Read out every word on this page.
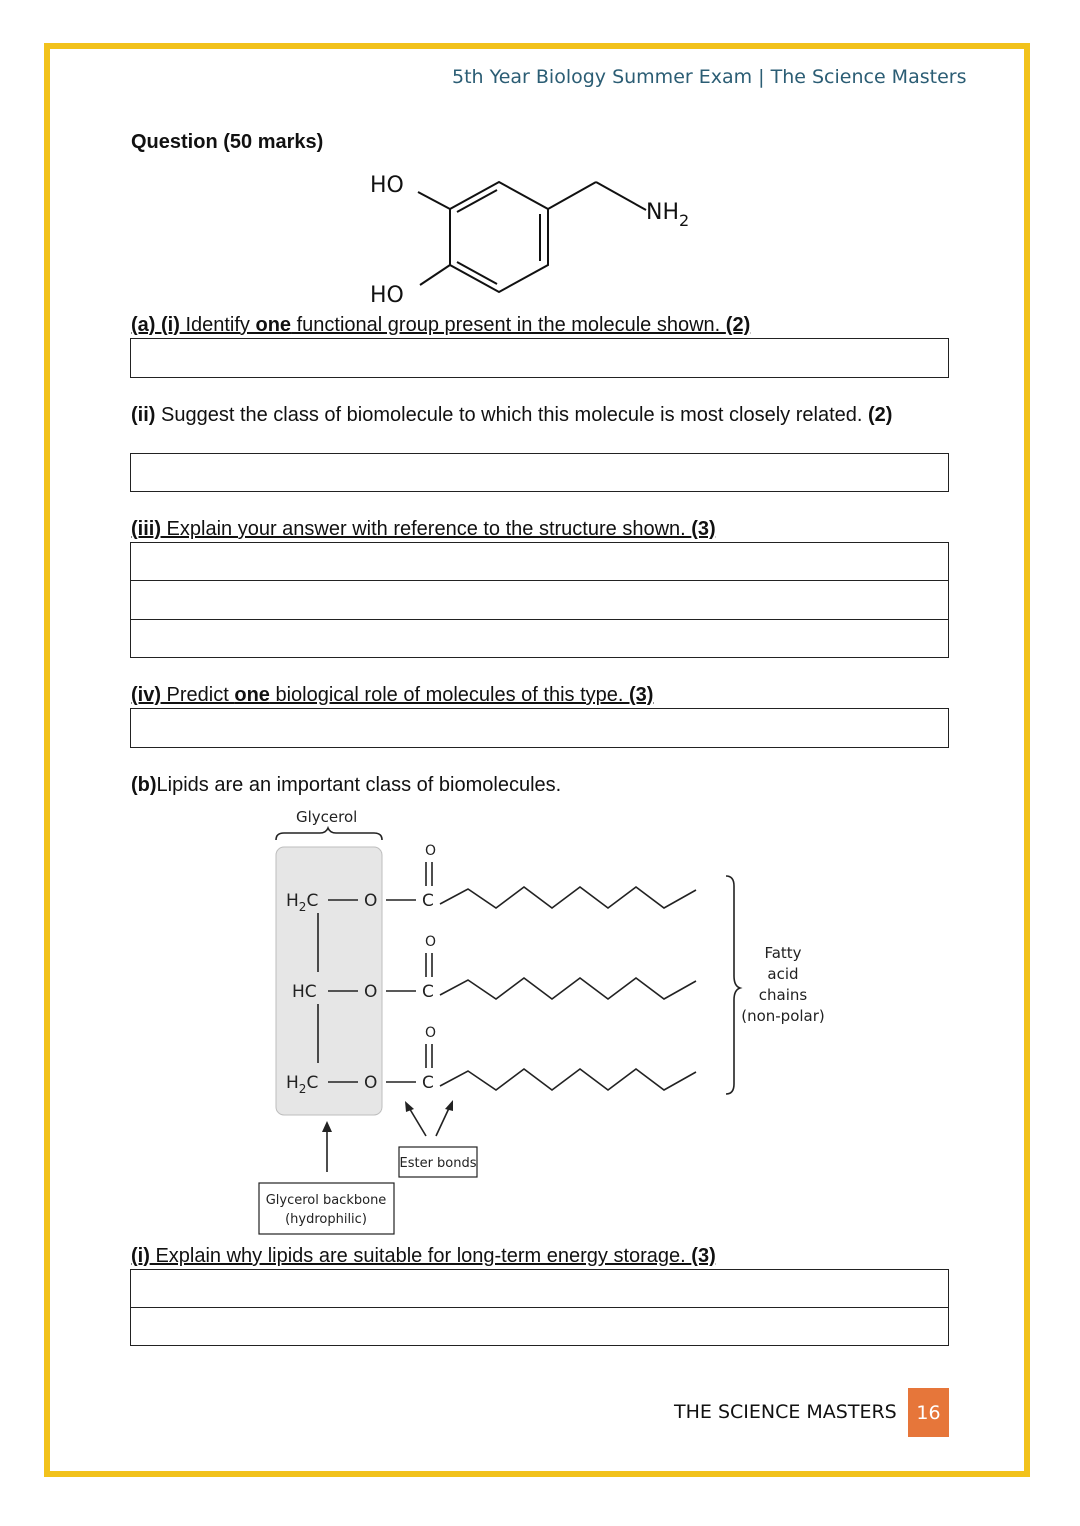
5th Year Biology Summer Exam | The Science Masters
Question (50 marks)
HO
HO
$NH_2$
(a) (i) Identify one functional group present in the molecule shown. (2)
(ii) Suggest the class of biomolecule to which this molecule is most closely related. (2)
(iii) Explain your answer with reference to the structure shown. (3)
(iv) Predict one biological role of molecules of this type. (3)
(b)Lipids are an important class of biomolecules.
Glycerol
$H_2C$	O	C
O
HC	O	C
O
$H_2C$	O	C
O
Fatty
acid
chains
(non-polar)
Ester bonds
Glycerol backbone
(hydrophilic)
(i) Explain why lipids are suitable for long-term energy storage. (3)
THE SCIENCE MASTERS	16
